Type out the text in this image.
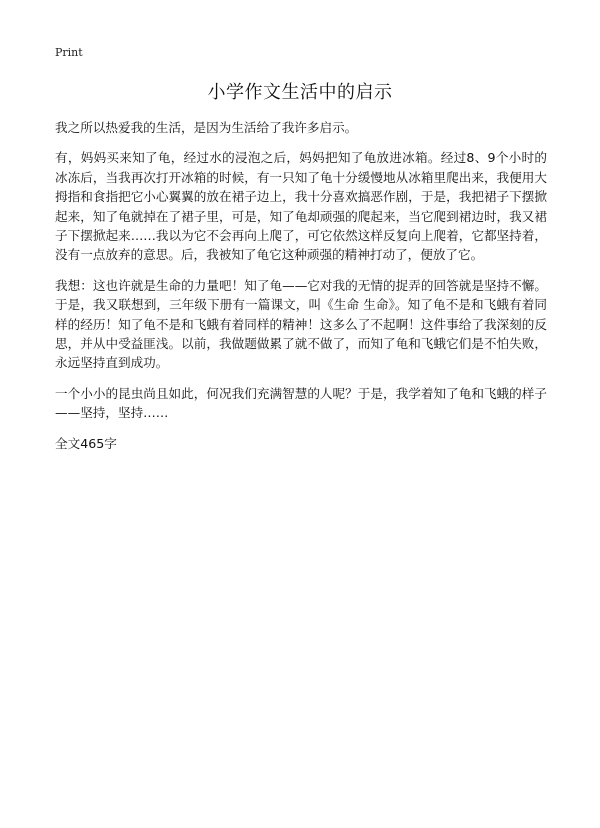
Print
小学作文生活中的启示

我之所以热爱我的生活，是因为生活给了我许多启示。

有，妈妈买来知了龟，经过水的浸泡之后，妈妈把知了龟放进冰箱。经过8、9个小时的冰冻后，当我再次打开冰箱的时候，有一只知了龟十分缓慢地从冰箱里爬出来，我便用大拇指和食指把它小心翼翼的放在裙子边上，我十分喜欢搞恶作剧，于是，我把裙子下摆掀起来，知了龟就掉在了裙子里，可是，知了龟却顽强的爬起来，当它爬到裙边时，我又裙子下摆掀起来……我以为它不会再向上爬了，可它依然这样反复向上爬着，它都坚持着，没有一点放弃的意思。后，我被知了龟它这种顽强的精神打动了，便放了它。

我想：这也许就是生命的力量吧！知了龟——它对我的无情的捉弄的回答就是坚持不懈。于是，我又联想到，三年级下册有一篇课文，叫《生命 生命》。知了龟不是和飞蛾有着同样的经历！知了龟不是和飞蛾有着同样的精神！这多么了不起啊！这件事给了我深刻的反思，并从中受益匪浅。以前，我做题做累了就不做了，而知了龟和飞蛾它们是不怕失败，永远坚持直到成功。

一个小小的昆虫尚且如此，何况我们充满智慧的人呢？于是，我学着知了龟和飞蛾的样子——坚持，坚持……

全文465字
